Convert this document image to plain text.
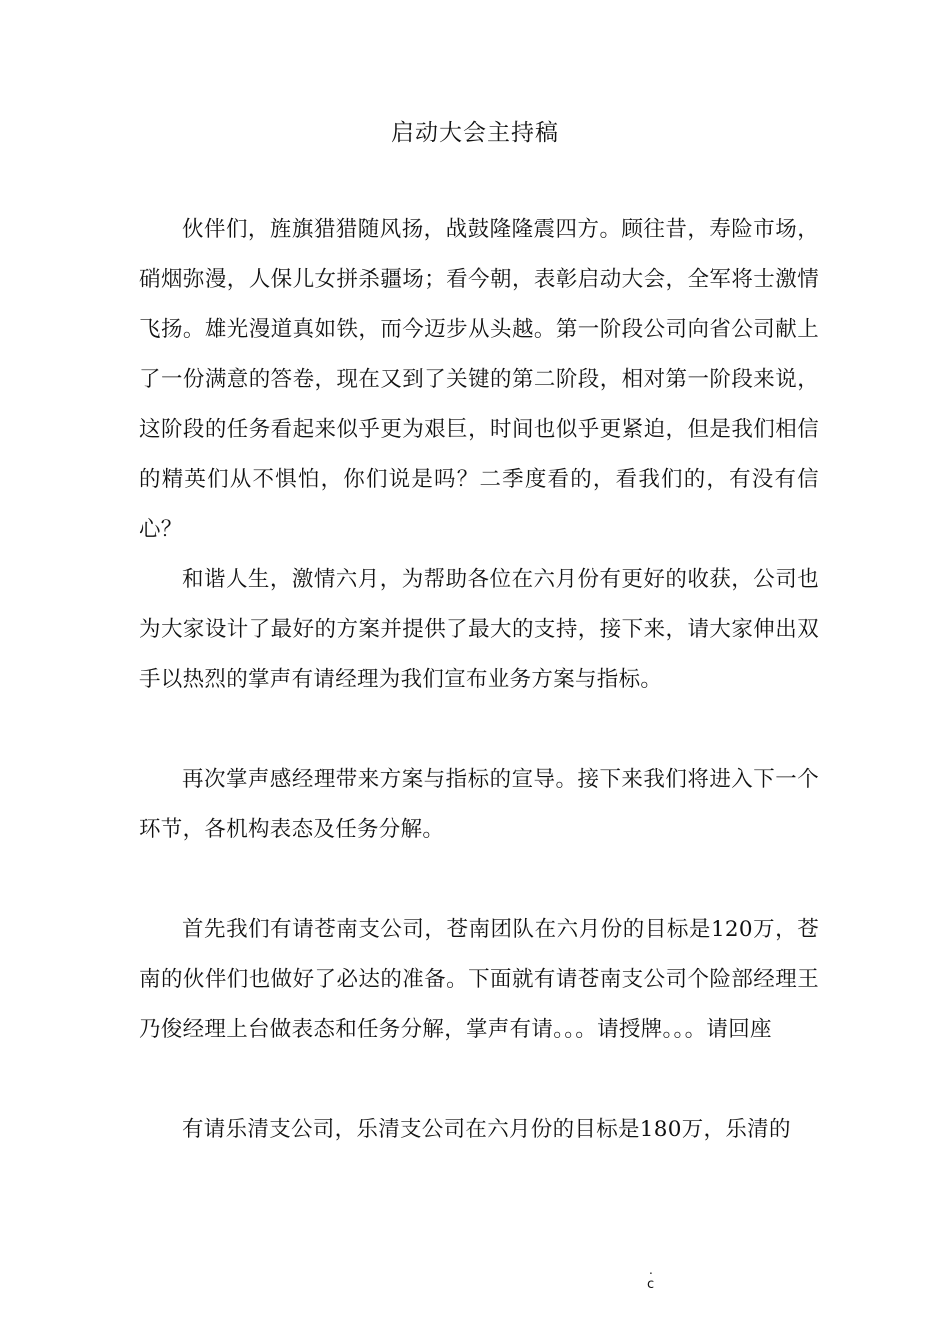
启动大会主持稿

伙伴们，旌旗猎猎随风扬，战鼓隆隆震四方。顾往昔，寿险市场，硝烟弥漫，人保儿女拼杀疆场；看今朝，表彰启动大会，全军将士激情飞扬。雄光漫道真如铁，而今迈步从头越。第一阶段公司向省公司献上了一份满意的答卷，现在又到了关键的第二阶段，相对第一阶段来说，这阶段的任务看起来似乎更为艰巨，时间也似乎更紧迫，但是我们相信的精英们从不惧怕，你们说是吗？二季度看的，看我们的，有没有信心？

和谐人生，激情六月，为帮助各位在六月份有更好的收获，公司也为大家设计了最好的方案并提供了最大的支持，接下来，请大家伸出双手以热烈的掌声有请经理为我们宣布业务方案与指标。

再次掌声感经理带来方案与指标的宣导。接下来我们将进入下一个环节，各机构表态及任务分解。

首先我们有请苍南支公司，苍南团队在六月份的目标是120万，苍南的伙伴们也做好了必达的准备。下面就有请苍南支公司个险部经理王乃俊经理上台做表态和任务分解，掌声有请。。。请授牌。。。请回座

有请乐清支公司，乐清支公司在六月份的目标是180万，乐清的

.
c
